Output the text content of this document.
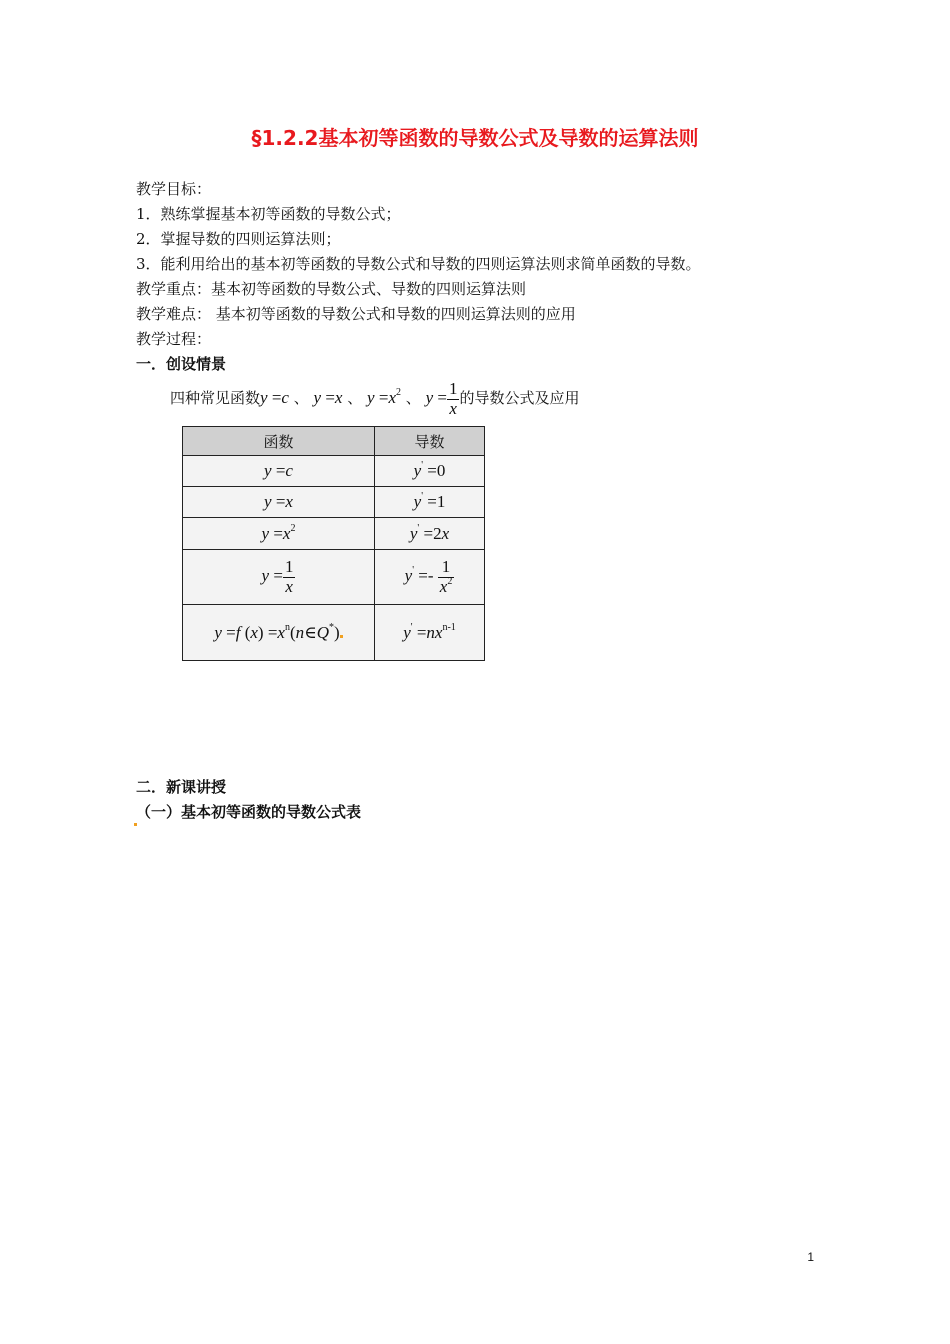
§1.2.2基本初等函数的导数公式及导数的运算法则
教学目标：
1．熟练掌握基本初等函数的导数公式；
2．掌握导数的四则运算法则；
3．能利用给出的基本初等函数的导数公式和导数的四则运算法则求简单函数的导数。
教学重点：基本初等函数的导数公式、导数的四则运算法则
教学难点： 基本初等函数的导数公式和导数的四则运算法则的应用
教学过程：
一．创设情景
四种常见函数y =c 、 y =x 、 $y =x^2$ 、 $y = \frac{1}{x}$ 的导数公式及应用
函数	导数
y =c	y' =0
y =x	y' =1
$y =x^2$	y' =2x
$y = \frac{1}{x}$	$y' =- \frac{1}{x^2}$

y =f $(x) =x^n(n\in Q^*)$	$y' =nx^{n-1}$
二．新课讲授
（一）基本初等函数的导数公式表
1
